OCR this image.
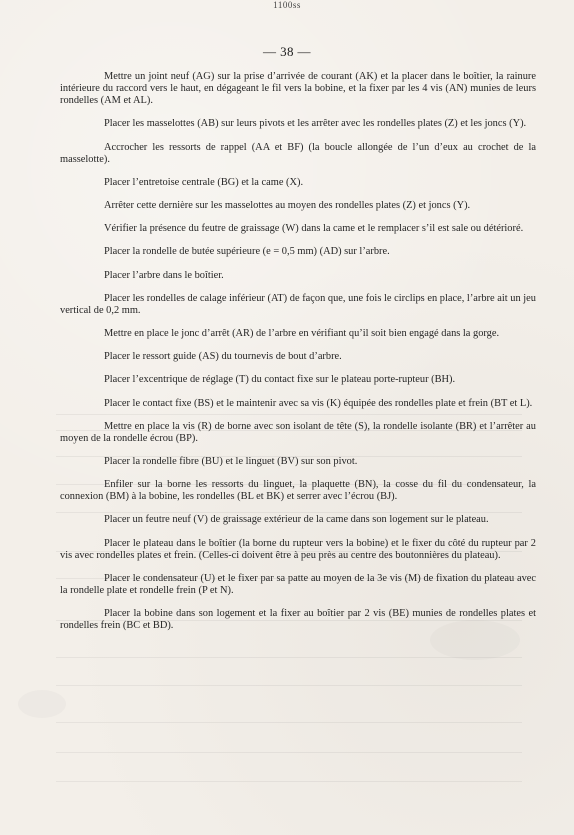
1100ss
— 38 —

Mettre un joint neuf (AG) sur la prise d’arrivée de courant (AK) et la placer dans le boîtier, la rainure intérieure du raccord vers le haut, en dégageant le fil vers la bobine, et la fixer par les 4 vis (AN) munies de leurs rondelles (AM et AL).

Placer les masselottes (AB) sur leurs pivots et les arrêter avec les rondelles plates (Z) et les joncs (Y).

Accrocher les ressorts de rappel (AA et BF) (la boucle allongée de l’un d’eux au crochet de la masselotte).

Placer l’entretoise centrale (BG) et la came (X).

Arrêter cette dernière sur les masselottes au moyen des rondelles plates (Z) et joncs (Y).

Vérifier la présence du feutre de graissage (W) dans la came et le remplacer s’il est sale ou détérioré.

Placer la rondelle de butée supérieure (e = 0,5 mm) (AD) sur l’arbre.

Placer l’arbre dans le boîtier.

Placer les rondelles de calage inférieur (AT) de façon que, une fois le circlips en place, l’arbre ait un jeu vertical de 0,2 mm.

Mettre en place le jonc d’arrêt (AR) de l’arbre en vérifiant qu’il soit bien engagé dans la gorge.

Placer le ressort guide (AS) du tournevis de bout d’arbre.

Placer l’excentrique de réglage (T) du contact fixe sur le plateau porte-rupteur (BH).

Placer le contact fixe (BS) et le maintenir avec sa vis (K) équipée des rondelles plate et frein (BT et L).

Mettre en place la vis (R) de borne avec son isolant de tête (S), la rondelle isolante (BR) et l’arrêter au moyen de la rondelle écrou (BP).

Placer la rondelle fibre (BU) et le linguet (BV) sur son pivot.

Enfiler sur la borne les ressorts du linguet, la plaquette (BN), la cosse du fil du condensateur, la connexion (BM) à la bobine, les rondelles (BL et BK) et serrer avec l’écrou (BJ).

Placer un feutre neuf (V) de graissage extérieur de la came dans son logement sur le plateau.

Placer le plateau dans le boîtier (la borne du rupteur vers la bobine) et le fixer du côté du rupteur par 2 vis avec rondelles plates et frein. (Celles-ci doivent être à peu près au centre des boutonnières du plateau).

Placer le condensateur (U) et le fixer par sa patte au moyen de la 3e vis (M) de fixation du plateau avec la rondelle plate et rondelle frein (P et N).

Placer la bobine dans son logement et la fixer au boîtier par 2 vis (BE) munies de rondelles plates et rondelles frein (BC et BD).
